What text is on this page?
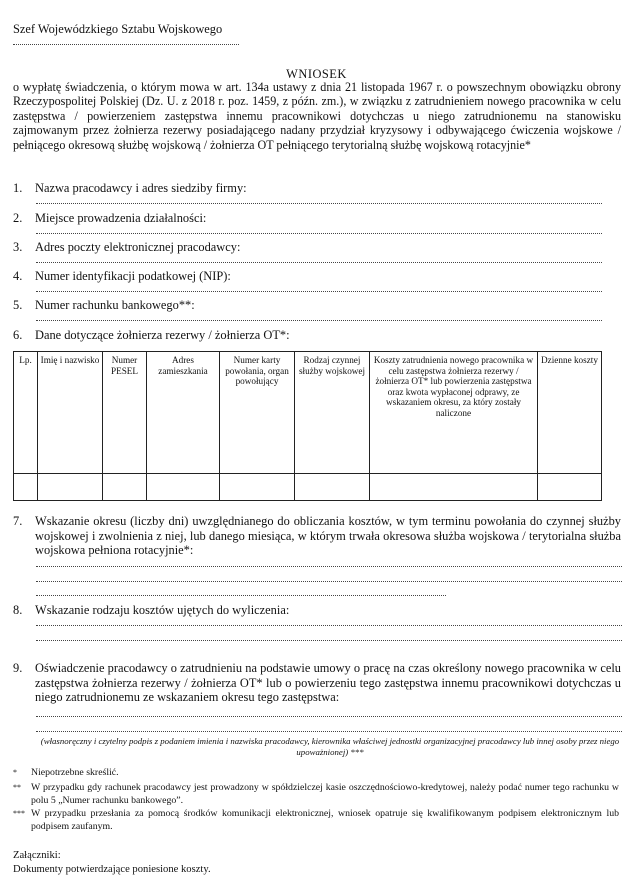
Szef Wojewódzkiego Sztabu Wojskowego
WNIOSEK
o wypłatę świadczenia, o którym mowa w art. 134a ustawy z dnia 21 listopada 1967 r. o powszechnym obowiązku obrony Rzeczypospolitej Polskiej (Dz. U. z 2018 r. poz. 1459, z późn. zm.), w związku z zatrudnieniem nowego pracownika w celu zastępstwa / powierzeniem zastępstwa innemu pracownikowi dotychczas u niego zatrudnionemu na stanowisku zajmowanym przez żołnierza rezerwy posiadającego nadany przydział kryzysowy i odbywającego ćwiczenia wojskowe / pełniącego okresową służbę wojskową / żołnierza OT pełniącego terytorialną służbę wojskową rotacyjnie*
1. Nazwa pracodawcy i adres siedziby firmy:
2. Miejsce prowadzenia działalności:
3. Adres poczty elektronicznej pracodawcy:
4. Numer identyfikacji podatkowej (NIP):
5. Numer rachunku bankowego**:
6. Dane dotyczące żołnierza rezerwy / żołnierza OT*:
Lp.	Imię i nazwisko	Numer PESEL	Adres zamieszkania	Numer karty powołania, organ powołujący	Rodzaj czynnej służby wojskowej	Koszty zatrudnienia nowego pracownika w celu zastępstwa żołnierza rezerwy / żołnierza OT* lub powierzenia zastępstwa oraz kwota wypłaconej odprawy, ze wskazaniem okresu, za który zostały naliczone	Dzienne koszty

7. Wskazanie okresu (liczby dni) uwzględnianego do obliczania kosztów, w tym terminu powołania do czynnej służby wojskowej i zwolnienia z niej, lub danego miesiąca, w którym trwała okresowa służba wojskowa / terytorialna służba wojskowa pełniona rotacyjnie*:
8. Wskazanie rodzaju kosztów ujętych do wyliczenia:
9. Oświadczenie pracodawcy o zatrudnieniu na podstawie umowy o pracę na czas określony nowego pracownika w celu zastępstwa żołnierza rezerwy / żołnierza OT* lub o powierzeniu tego zastępstwa innemu pracownikowi dotychczas u niego zatrudnionemu ze wskazaniem okresu tego zastępstwa:
(własnoręczny i czytelny podpis z podaniem imienia i nazwiska pracodawcy, kierownika właściwej jednostki organizacyjnej pracodawcy lub innej osoby przez niego upoważnionej) ***
* Niepotrzebne skreślić.
** W przypadku gdy rachunek pracodawcy jest prowadzony w spółdzielczej kasie oszczędnościowo-kredytowej, należy podać numer tego rachunku w polu 5 „Numer rachunku bankowego”.
*** W przypadku przesłania za pomocą środków komunikacji elektronicznej, wniosek opatruje się kwalifikowanym podpisem elektronicznym lub podpisem zaufanym.
Załączniki:
Dokumenty potwierdzające poniesione koszty.
